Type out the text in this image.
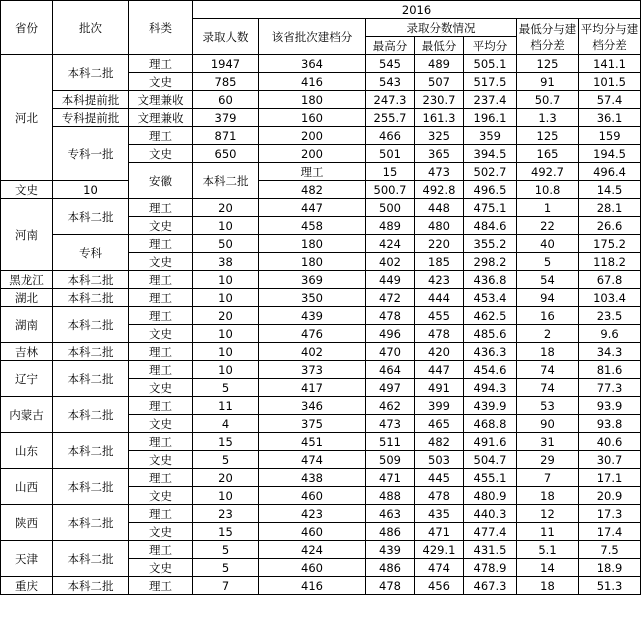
省份	批次	科类	2016							
			录取人数	该省批次建档分	录取分数情况			最低分与建档分差	平均分与建档分差	
					最高分	最低分	平均分			
河北	本科二批	理工	1947	364	545	489	505.1	125	141.1	
		文史	785	416	543	507	517.5	91	101.5	
	本科提前批	文理兼收	60	180	247.3	230.7	237.4	50.7	57.4	
	专科提前批	文理兼收	379	160	255.7	161.3	196.1	1.3	36.1	
	专科一批	理工	871	200	466	325	359	125	159	
		文史	650	200	501	365	394.5	165	194.5	
		安徽	本科二批	理工	15	473	502.7	492.7	496.4		
文史	10			482	500.7	492.8	496.5	10.8	14.5	
河南	本科二批	理工	20	447	500	448	475.1	1	28.1	
		文史	10	458	489	480	484.6	22	26.6	
	专科	理工	50	180	424	220	355.2	40	175.2	
		文史	38	180	402	185	298.2	5	118.2	
黑龙江	本科二批	理工	10	369	449	423	436.8	54	67.8	
湖北	本科二批	理工	10	350	472	444	453.4	94	103.4	
湖南	本科二批	理工	20	439	478	455	462.5	16	23.5	
		文史	10	476	496	478	485.6	2	9.6	
吉林	本科二批	理工	10	402	470	420	436.3	18	34.3	
辽宁	本科二批	理工	10	373	464	447	454.6	74	81.6	
		文史	5	417	497	491	494.3	74	77.3	
内蒙古	本科二批	理工	11	346	462	399	439.9	53	93.9	
		文史	4	375	473	465	468.8	90	93.8	
山东	本科二批	理工	15	451	511	482	491.6	31	40.6	
		文史	5	474	509	503	504.7	29	30.7	
山西	本科二批	理工	20	438	471	445	455.1	7	17.1	
		文史	10	460	488	478	480.9	18	20.9	
陕西	本科二批	理工	23	423	463	435	440.3	12	17.3	
		文史	15	460	486	471	477.4	11	17.4	
天津	本科二批	理工	5	424	439	429.1	431.5	5.1	7.5	
		文史	5	460	486	474	478.9	14	18.9	
重庆	本科二批	理工	7	416	478	456	467.3	18	51.3	
